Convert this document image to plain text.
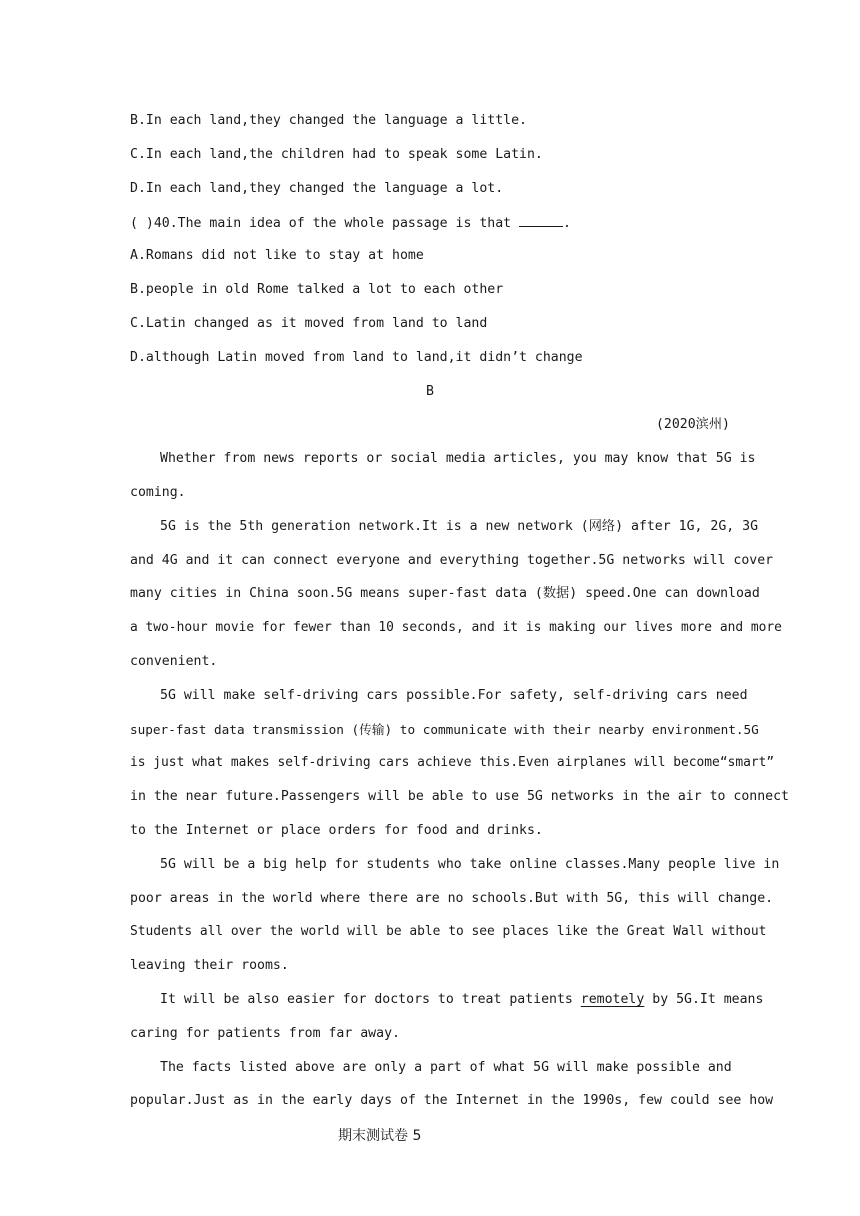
B.In each land,they changed the language a little.
C.In each land,the children had to speak some Latin.
D.In each land,they changed the language a lot.
( )40.The main idea of the whole passage is that	.
A.Romans did not like to stay at home
B.people in old Rome talked a lot to each other
C.Latin changed as it moved from land to land
D.although Latin moved from land to land,it didn’t change
B
(2020滨州)
Whether from news reports or social media articles, you may know that 5G is
coming.
5G is the 5th generation network.It is a new network (网络) after 1G, 2G, 3G
and 4G and it can connect everyone and everything together.5G networks will cover
many cities in China soon.5G means super-fast data (数据) speed.One can download
a two-hour movie for fewer than 10 seconds, and it is making our lives more and more
convenient.
5G will make self-driving cars possible.For safety, self-driving cars need
super-fast data transmission (传输) to communicate with their nearby environment.5G
is just what makes self-driving cars achieve this.Even airplanes will become“smart”
in the near future.Passengers will be able to use 5G networks in the air to connect
to the Internet or place orders for food and drinks.
5G will be a big help for students who take online classes.Many people live in
poor areas in the world where there are no schools.But with 5G, this will change.
Students all over the world will be able to see places like the Great Wall without
leaving their rooms.
It will be also easier for doctors to treat patients remotely by 5G.It means
caring for patients from far away.
The facts listed above are only a part of what 5G will make possible and
popular.Just as in the early days of the Internet in the 1990s, few could see how
期末测试卷 5
